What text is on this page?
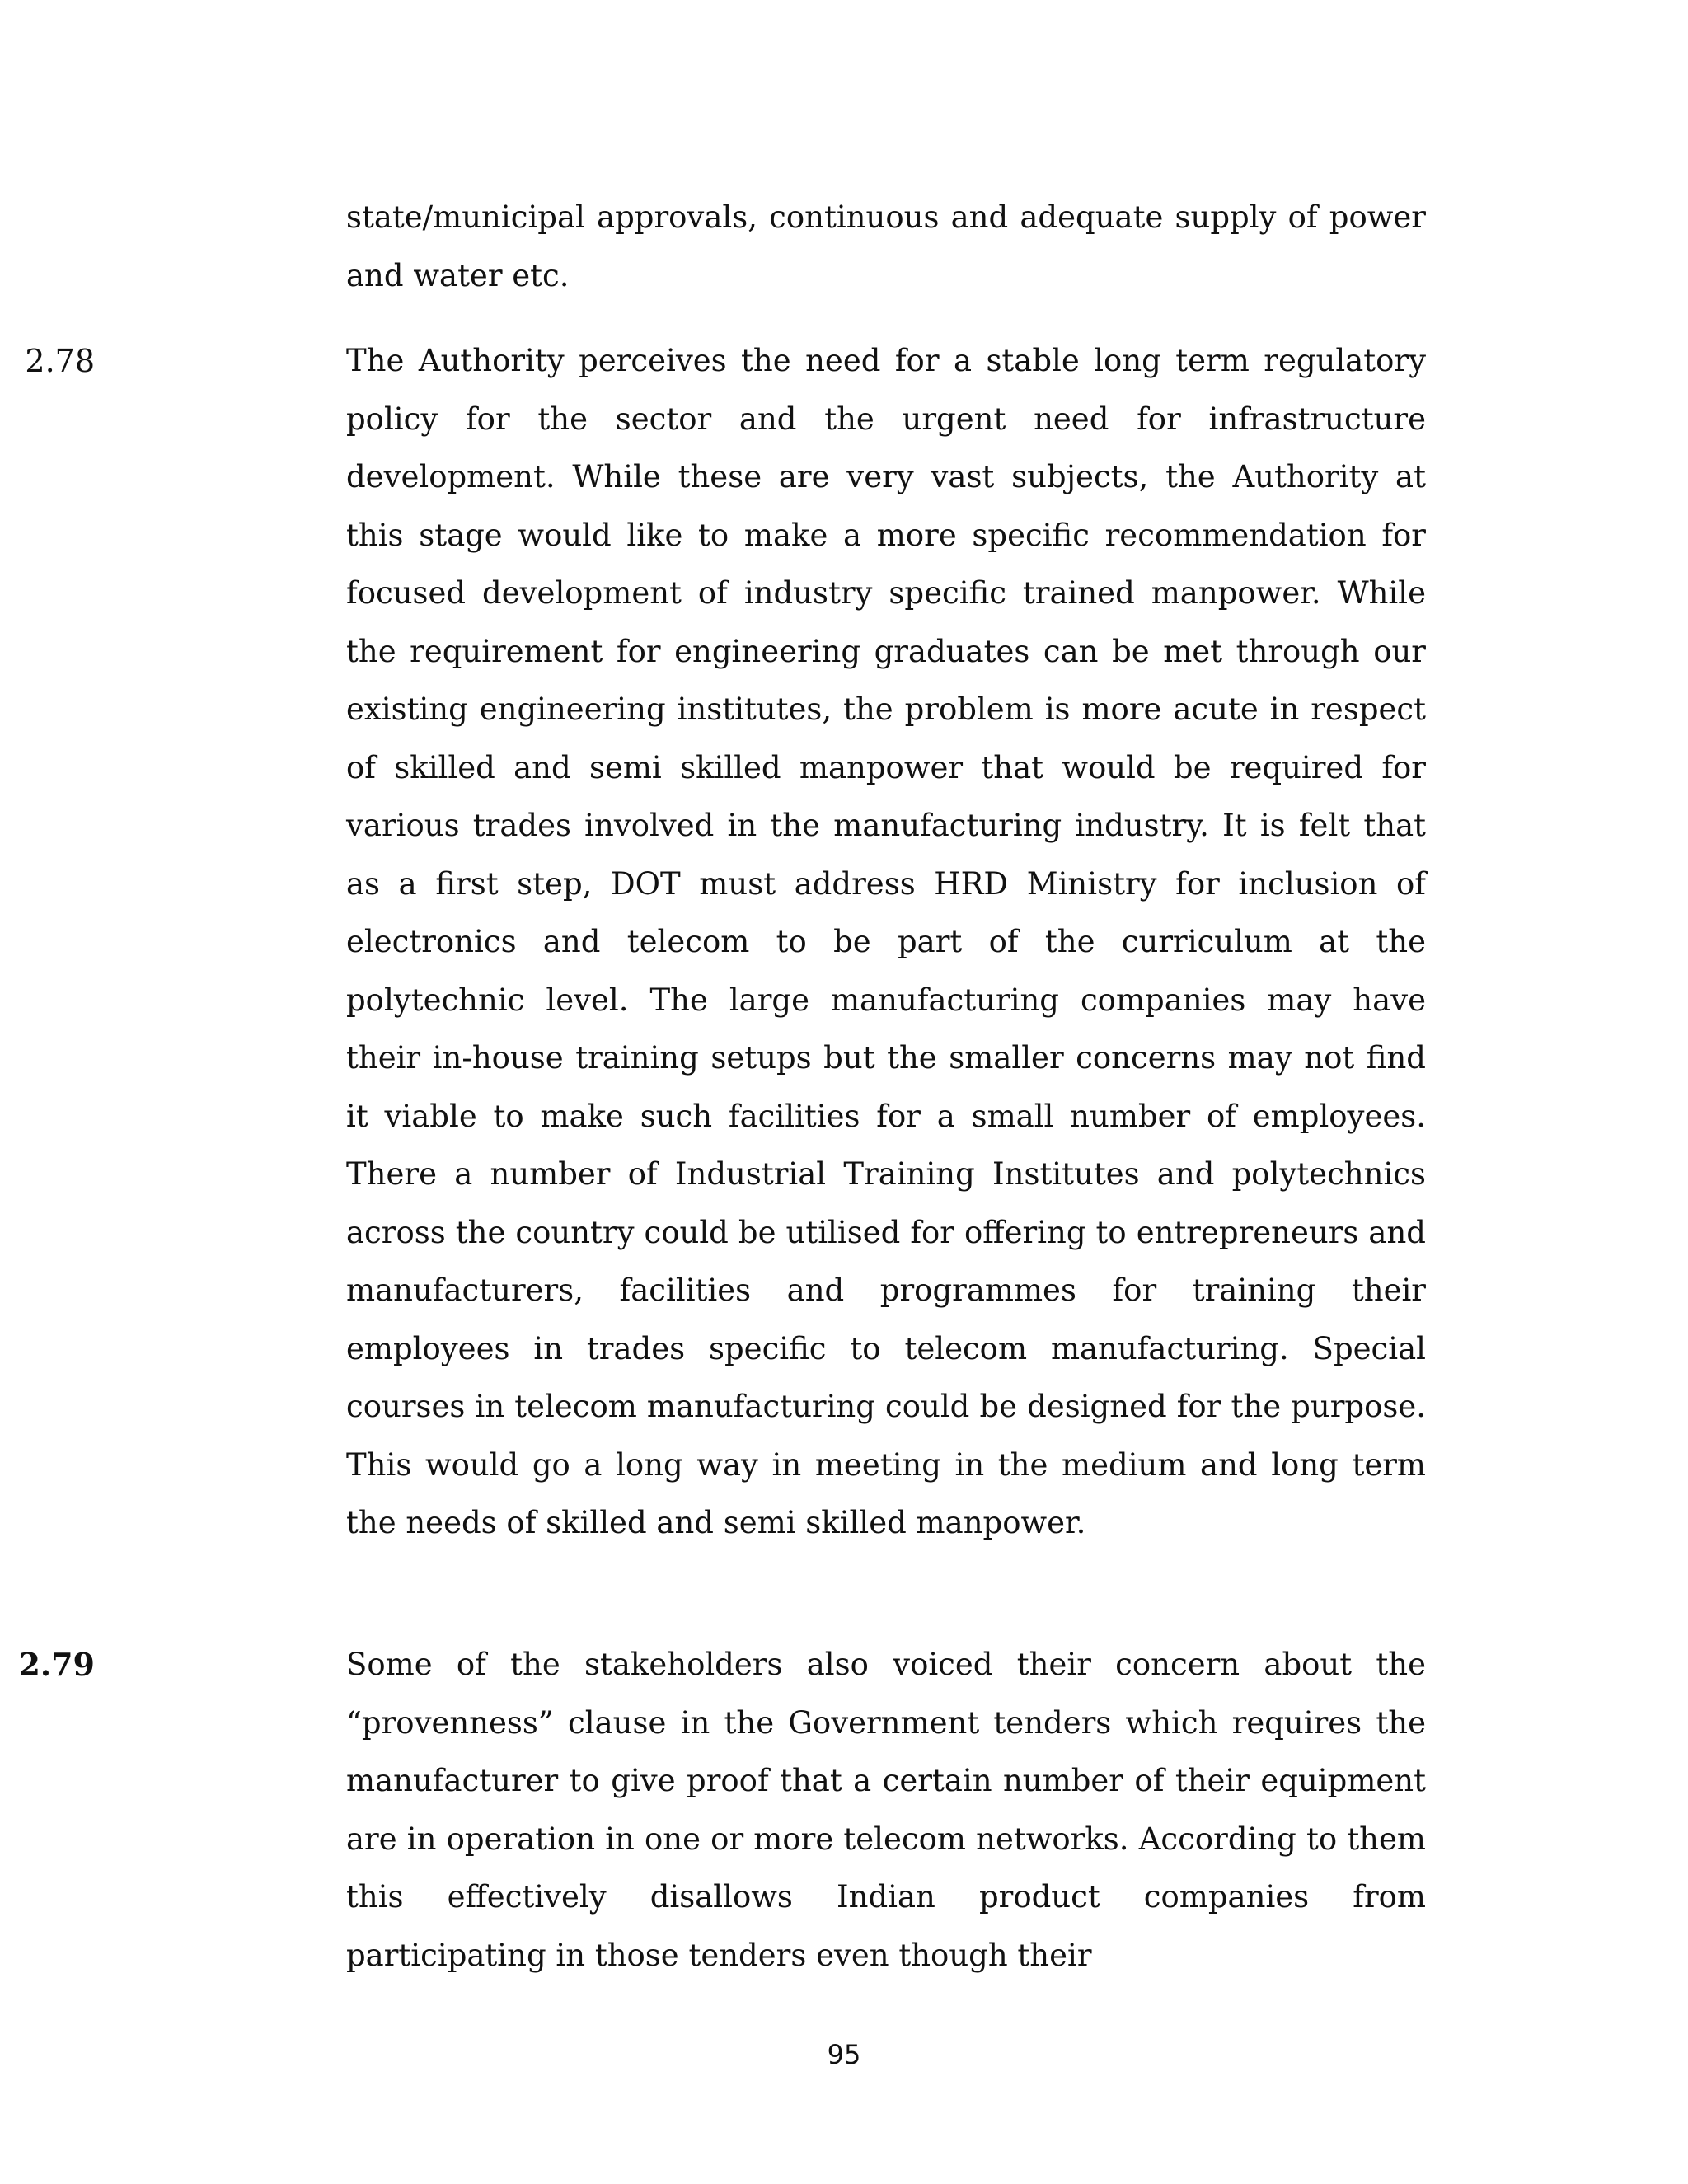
state/municipal approvals, continuous and adequate supply of power and water etc.

2.78	The Authority perceives the need for a stable long term regulatory policy for the sector and the urgent need for infrastructure development. While these are very vast subjects, the Authority at this stage would like to make a more specific recommendation for focused development of industry specific trained manpower. While the requirement for engineering graduates can be met through our existing engineering institutes, the problem is more acute in respect of skilled and semi skilled manpower that would be required for various trades involved in the manufacturing industry. It is felt that as a first step, DOT must address HRD Ministry for inclusion of electronics and telecom to be part of the curriculum at the polytechnic level. The large manufacturing companies may have their in-house training setups but the smaller concerns may not find it viable to make such facilities for a small number of employees. There a number of Industrial Training Institutes and polytechnics across the country could be utilised for offering to entrepreneurs and manufacturers, facilities and programmes for training their employees in trades specific to telecom manufacturing. Special courses in telecom manufacturing could be designed for the purpose. This would go a long way in meeting in the medium and long term the needs of skilled and semi skilled manpower.

2.79	Some of the stakeholders also voiced their concern about the “provenness” clause in the Government tenders which requires the manufacturer to give proof that a certain number of their equipment are in operation in one or more telecom networks. According to them this effectively disallows Indian product companies from participating in those tenders even though their

95
